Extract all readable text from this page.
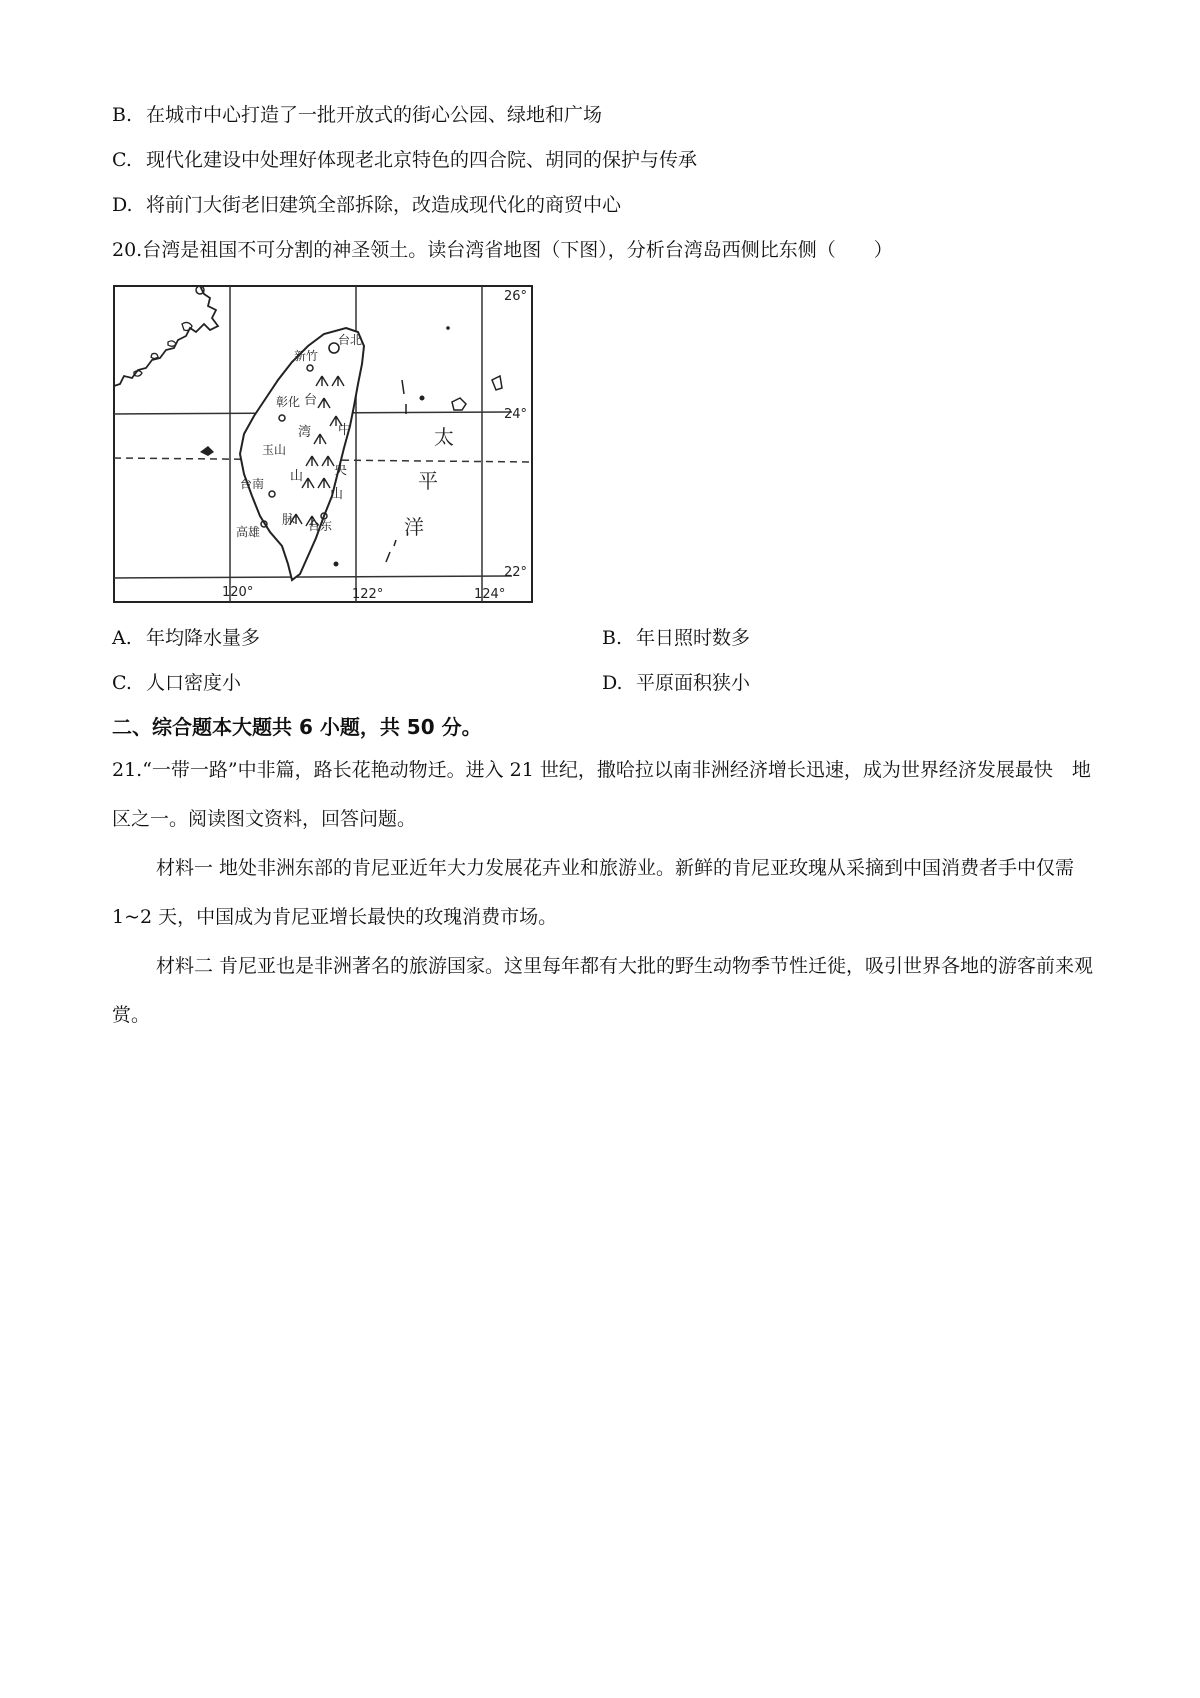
B. 在城市中心打造了一批开放式的街心公园、绿地和广场
C. 现代化建设中处理好体现老北京特色的四合院、胡同的保护与传承
D. 将前门大街老旧建筑全部拆除，改造成现代化的商贸中心
20.台湾是祖国不可分割的神圣领土。读台湾省地图（下图），分析台湾岛西侧比东侧（　　）
太
平
洋
台北
新竹
彰化
台南
高雄	台东
玉山
台
湾
山
脉
中
央
山
26°
24°
22°
120°	122°	124°
A. 年均降水量多	B. 年日照时数多
C. 人口密度小	D. 平原面积狭小
二、综合题本大题共 6 小题，共 50 分。
21.“一带一路”中非篇，路长花艳动物迁。进入 21 世纪，撒哈拉以南非洲经济增长迅速，成为世界经济发展最快　地区之一。阅读图文资料，回答问题。
材料一 地处非洲东部的肯尼亚近年大力发展花卉业和旅游业。新鲜的肯尼亚玫瑰从采摘到中国消费者手中仅需 1~2 天，中国成为肯尼亚增长最快的玫瑰消费市场。
材料二 肯尼亚也是非洲著名的旅游国家。这里每年都有大批的野生动物季节性迁徙，吸引世界各地的游客前来观赏。
